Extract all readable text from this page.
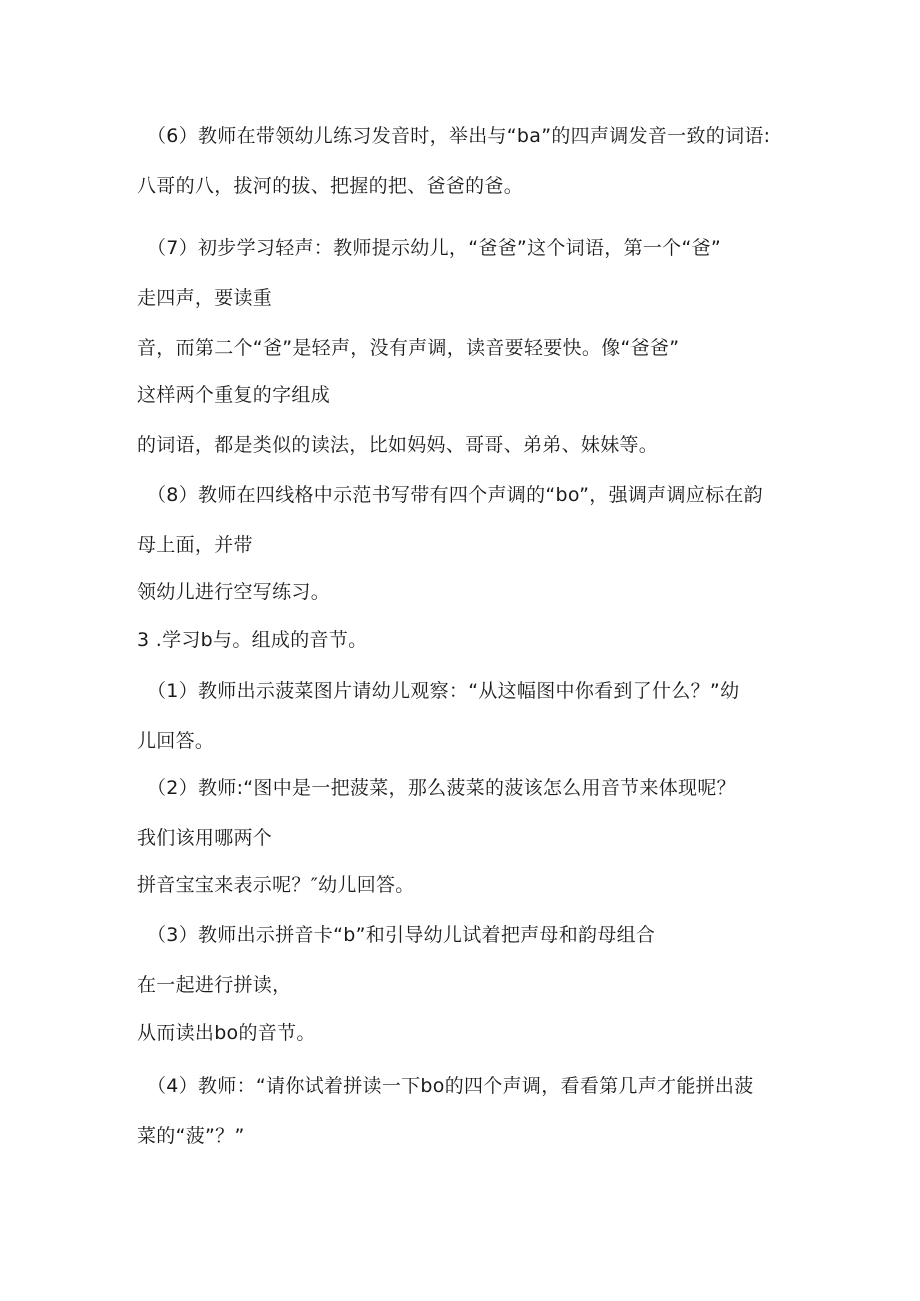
（6）教师在带领幼儿练习发音时，举出与“ba”的四声调发音一致的词语:
八哥的八，拔河的拔、把握的把、爸爸的爸。
（7）初步学习轻声：教师提示幼儿，“爸爸”这个词语，第一个“爸”
走四声，要读重
音，而第二个“爸”是轻声，没有声调，读音要轻要快。像“爸爸”
这样两个重复的字组成
的词语，都是类似的读法，比如妈妈、哥哥、弟弟、妹妹等。
（8）教师在四线格中示范书写带有四个声调的“bo”，强调声调应标在韵
母上面，并带
领幼儿进行空写练习。
3 .学习b与。组成的音节。
（1）教师出示菠菜图片请幼儿观察：“从这幅图中你看到了什么？”幼
儿回答。
（2）教师:“图中是一把菠菜，那么菠菜的菠该怎么用音节来体现呢？
我们该用哪两个
拼音宝宝来表示呢？″幼儿回答。
（3）教师出示拼音卡“b”和引导幼儿试着把声母和韵母组合
在一起进行拼读，
从而读出bo的音节。
（4）教师：“请你试着拼读一下bo的四个声调，看看第几声才能拼出菠
菜的“菠”？”
